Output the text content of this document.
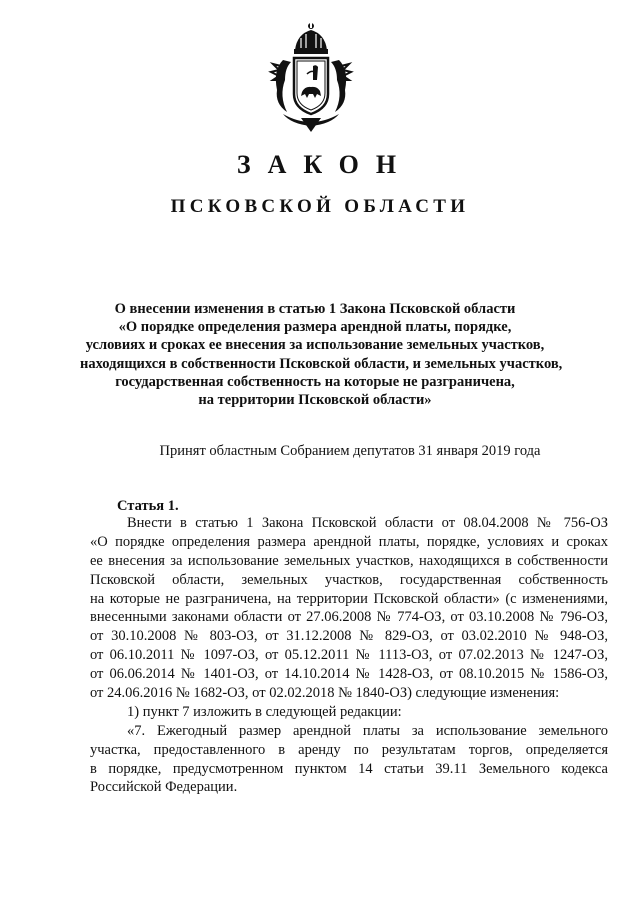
ЗАКОН
ПСКОВСКОЙ ОБЛАСТИ
О внесении изменения в статью 1 Закона Псковской области
«О порядке определения размера арендной платы, порядке,
условиях и сроках ее внесения за использование земельных участков,
находящихся в собственности Псковской области, и земельных участков,
государственная собственность на которые не разграничена,
на территории Псковской области»
Принят областным Собранием депутатов 31 января 2019 года
Статья 1.
Внести в статью 1 Закона Псковской области от 08.04.2008 № 756-ОЗ
«О порядке определения размера арендной платы, порядке, условиях и сроках
ее внесения за использование земельных участков, находящихся в собственности
Псковской области, земельных участков, государственная собственность
на которые не разграничена, на территории Псковской области» (с изменениями,
внесенными законами области от 27.06.2008 № 774-ОЗ, от 03.10.2008 № 796-ОЗ,
от 30.10.2008 № 803-ОЗ, от 31.12.2008 № 829-ОЗ, от 03.02.2010 № 948-ОЗ,
от 06.10.2011 № 1097-ОЗ, от 05.12.2011 № 1113-ОЗ, от 07.02.2013 № 1247-ОЗ,
от 06.06.2014 № 1401-ОЗ, от 14.10.2014 № 1428-ОЗ, от 08.10.2015 № 1586-ОЗ,
от 24.06.2016 № 1682-ОЗ, от 02.02.2018 № 1840-ОЗ) следующие изменения:
1) пункт 7 изложить в следующей редакции:
«7. Ежегодный размер арендной платы за использование земельного
участка, предоставленного в аренду по результатам торгов, определяется
в порядке, предусмотренном пунктом 14 статьи 39.11 Земельного кодекса
Российской Федерации.
